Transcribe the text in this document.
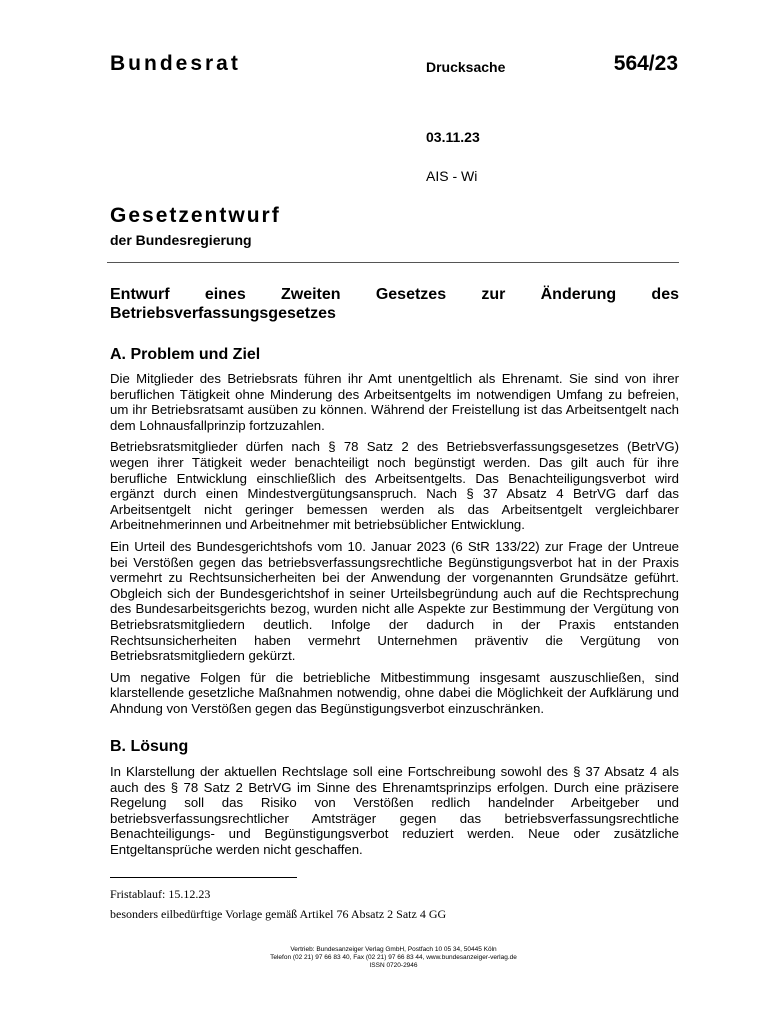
Bundesrat	Drucksache	564/23
03.11.23
AIS - Wi
Gesetzentwurf
der Bundesregierung
Entwurf eines Zweiten Gesetzes zur Änderung des
Betriebsverfassungsgesetzes
A. Problem und Ziel

Die Mitglieder des Betriebsrats führen ihr Amt unentgeltlich als Ehrenamt. Sie sind von ihrer beruflichen Tätigkeit ohne Minderung des Arbeitsentgelts im notwendigen Umfang zu befreien, um ihr Betriebsratsamt ausüben zu können. Während der Freistellung ist das Arbeitsentgelt nach dem Lohnausfallprinzip fortzuzahlen.

Betriebsratsmitglieder dürfen nach § 78 Satz 2 des Betriebsverfassungsgesetzes (BetrVG) wegen ihrer Tätigkeit weder benachteiligt noch begünstigt werden. Das gilt auch für ihre berufliche Entwicklung einschließlich des Arbeitsentgelts. Das Benachteiligungsverbot wird ergänzt durch einen Mindestvergütungsanspruch. Nach § 37 Absatz 4 BetrVG darf das Arbeitsentgelt nicht geringer bemessen werden als das Arbeitsentgelt vergleichbarer Arbeitnehmerinnen und Arbeitnehmer mit betriebsüblicher Entwicklung.

Ein Urteil des Bundesgerichtshofs vom 10. Januar 2023 (6 StR 133/22) zur Frage der Untreue bei Verstößen gegen das betriebsverfassungsrechtliche Begünstigungsverbot hat in der Praxis vermehrt zu Rechtsunsicherheiten bei der Anwendung der vorgenannten Grundsätze geführt. Obgleich sich der Bundesgerichtshof in seiner Urteilsbegründung auch auf die Rechtsprechung des Bundesarbeitsgerichts bezog, wurden nicht alle Aspekte zur Bestimmung der Vergütung von Betriebsratsmitgliedern deutlich. Infolge der dadurch in der Praxis entstanden Rechtsunsicherheiten haben vermehrt Unternehmen präventiv die Vergütung von Betriebsratsmitgliedern gekürzt.

Um negative Folgen für die betriebliche Mitbestimmung insgesamt auszuschließen, sind klarstellende gesetzliche Maßnahmen notwendig, ohne dabei die Möglichkeit der Aufklärung und Ahndung von Verstößen gegen das Begünstigungsverbot einzuschränken.

B. Lösung

In Klarstellung der aktuellen Rechtslage soll eine Fortschreibung sowohl des § 37 Absatz 4 als auch des § 78 Satz 2 BetrVG im Sinne des Ehrenamtsprinzips erfolgen. Durch eine präzisere Regelung soll das Risiko von Verstößen redlich handelnder Arbeitgeber und betriebsverfassungsrechtlicher Amtsträger gegen das betriebsverfassungsrechtliche Benachteiligungs- und Begünstigungsverbot reduziert werden. Neue oder zusätzliche Entgeltansprüche werden nicht geschaffen.

Fristablauf: 15.12.23
besonders eilbedürftige Vorlage gemäß Artikel 76 Absatz 2 Satz 4 GG
Vertrieb: Bundesanzeiger Verlag GmbH, Postfach 10 05 34, 50445 Köln
Telefon (02 21) 97 66 83 40, Fax (02 21) 97 66 83 44, www.bundesanzeiger-verlag.de
ISSN 0720-2946
